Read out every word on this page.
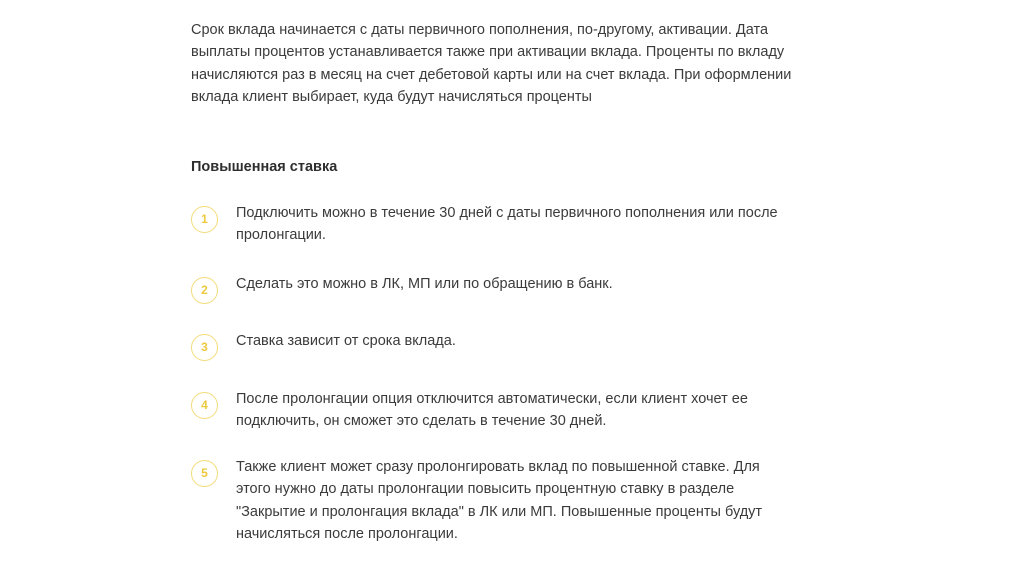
Срок вклада начинается с даты первичного пополнения, по-другому, активации. Дата выплаты процентов устанавливается также при активации вклада. Проценты по вкладу начисляются раз в месяц на счет дебетовой карты или на счет вклада. При оформлении вклада клиент выбирает, куда будут начисляться проценты

Повышенная ставка
1	Подключить можно в течение 30 дней с даты первичного пополнения или после пролонгации.

2	Сделать это можно в ЛК, МП или по обращению в банк.

3	Ставка зависит от срока вклада.

4	После пролонгации опция отключится автоматически, если клиент хочет ее подключить, он сможет это сделать в течение 30 дней.

5	Также клиент может сразу пролонгировать вклад по повышенной ставке. Для этого нужно до даты пролонгации повысить процентную ставку в разделе "Закрытие и пролонгация вклада" в ЛК или МП. Повышенные проценты будут начисляться после пролонгации.
